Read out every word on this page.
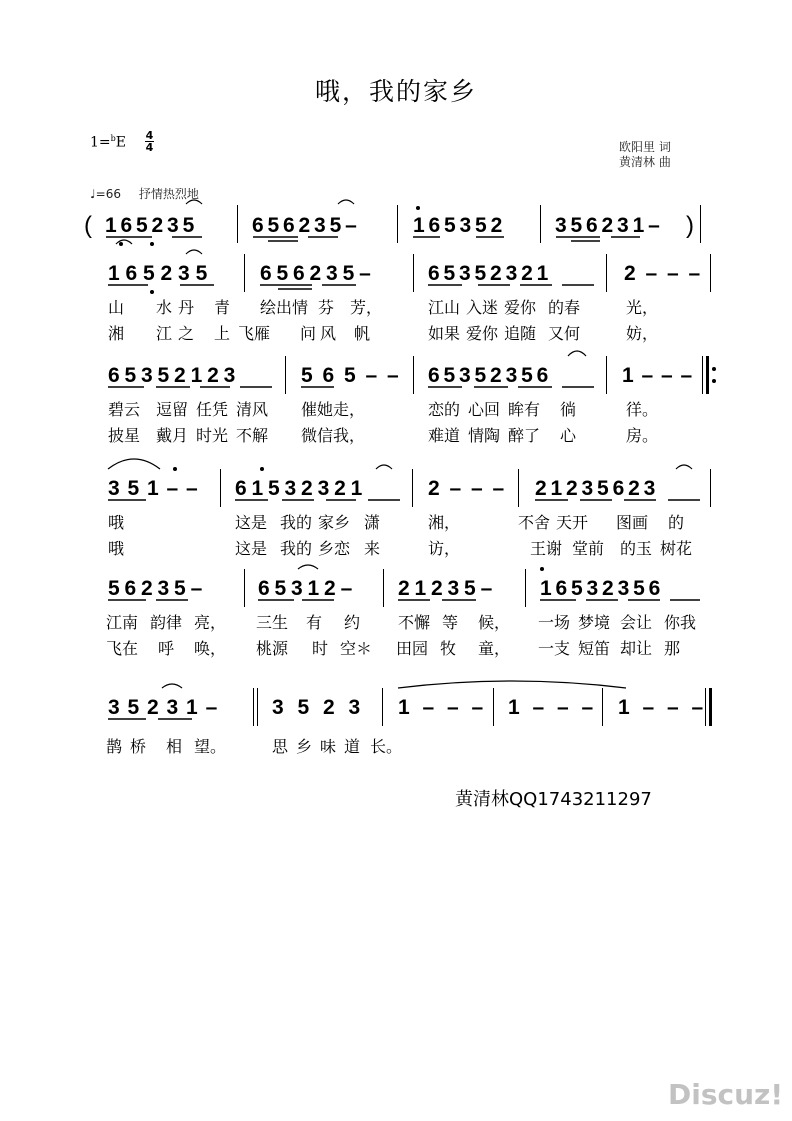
哦，我的家乡
1=$^b$E 4
4	欧阳里 词
黄清林 曲
♩=66 抒情热烈地
( 1 6 5 2 3 5	6 5 6 2 3 5 –	1 6 5 3 5 2	3 5 6 2 3 1 – )
1 6 5 2 3 5	6 5 6 2 3 5 –	6 5 3 5 2 3 2 1	2 – – –
山 水丹 青 绘出情 芬 芳，	江山 入迷 爱你 的春	光，
湘 江之 上 飞雁 问风 帆	如果 爱你 追随 又何	妨，
6 5 3 5 2 1 2 3	5 6 5 – – 6 5 3 5 2 3 5 6	1 – – –
碧云 逗留 任凭 清风 催她走，	恋的 心回 眸有 徜	徉。
披星 戴月 时光 不解 微信我，	难道 情陶 醉了 心	房。
3 5 1 – – 6 1 5 3 2 3 2 1	2 – – – 2 1 2 3 5 6 2 3
哦	这是 我的 家乡 潇	湘，	不舍 天开 图画 的
哦	这是 我的 乡恋 来	访，	王谢 堂前 的玉 树花
5 6 2 3 5 –	6 5 3 1 2 – 2 1 2 3 5 – 1 6 5 3 2 3 5 6
江南 韵律 亮， 三生 有 约 不懈 等 候， 一场 梦境 会让 你我
飞在 呼 唤， 桃源 时 空＊ 田园 牧 童， 一支 短笛 却让 那
3 5 2 3 1 –	3 5 2 3 1 – – – 1 – – – 1 – – –
鹊桥 相 望。	思乡 味道 长。
黄清林QQ1743211297
Discuz!
